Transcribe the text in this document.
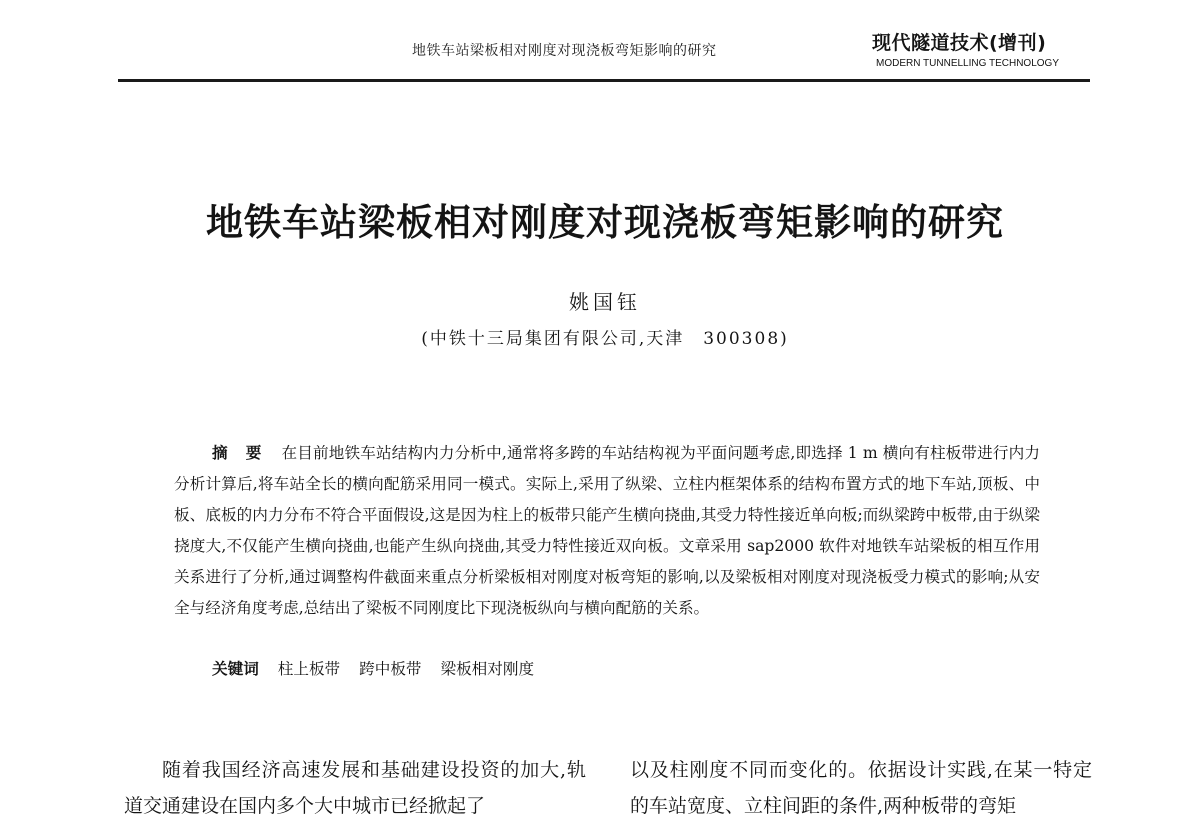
地铁车站梁板相对刚度对现浇板弯矩影响的研究	现代隧道技术(增刊)
MODERN TUNNELLING TECHNOLOGY
地铁车站梁板相对刚度对现浇板弯矩影响的研究
姚国钰
(中铁十三局集团有限公司,天津　300308)

摘要 在目前地铁车站结构内力分析中,通常将多跨的车站结构视为平面问题考虑,即选择 1 m 横向有柱板带进行内力分析计算后,将车站全长的横向配筋采用同一模式。实际上,采用了纵梁、立柱内框架体系的结构布置方式的地下车站,顶板、中板、底板的内力分布不符合平面假设,这是因为柱上的板带只能产生横向挠曲,其受力特性接近单向板;而纵梁跨中板带,由于纵梁挠度大,不仅能产生横向挠曲,也能产生纵向挠曲,其受力特性接近双向板。文章采用 sap2000 软件对地铁车站梁板的相互作用关系进行了分析,通过调整构件截面来重点分析梁板相对刚度对板弯矩的影响,以及梁板相对刚度对现浇板受力模式的影响;从安全与经济角度考虑,总结出了梁板不同刚度比下现浇板纵向与横向配筋的关系。

关键词 柱上板带 跨中板带 梁板相对刚度

随着我国经济高速发展和基础建设投资的加大,轨道交通建设在国内多个大中城市已经掀起了

以及柱刚度不同而变化的。依据设计实践,在某一特定的车站宽度、立柱间距的条件,两种板带的弯矩
